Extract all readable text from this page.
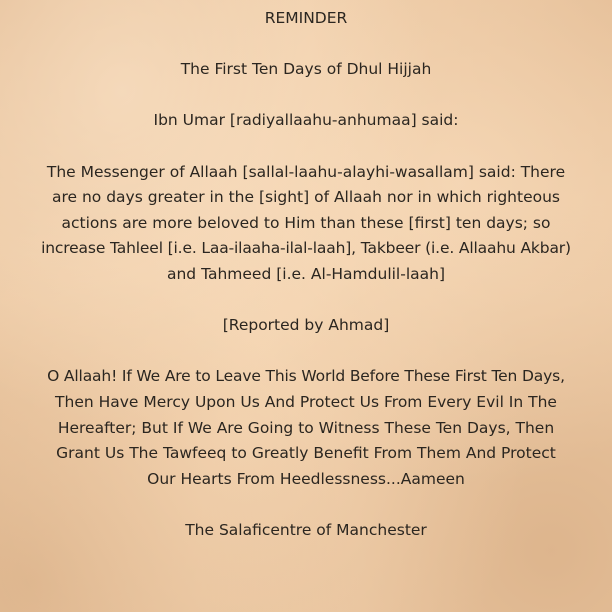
REMINDER

The First Ten Days of Dhul Hijjah

Ibn Umar [radiyallaahu-anhumaa] said:

The Messenger of Allaah [sallal-laahu-alayhi-wasallam] said: There

are no days greater in the [sight] of Allaah nor in which righteous

actions are more beloved to Him than these [first] ten days; so

increase Tahleel [i.e. Laa-ilaaha-ilal-laah], Takbeer (i.e. Allaahu Akbar)

and Tahmeed [i.e. Al-Hamdulil-laah]

[Reported by Ahmad]

O Allaah! If We Are to Leave This World Before These First Ten Days,

Then Have Mercy Upon Us And Protect Us From Every Evil In The

Hereafter; But If We Are Going to Witness These Ten Days, Then

Grant Us The Tawfeeq to Greatly Benefit From Them And Protect

Our Hearts From Heedlessness...Aameen

The Salaficentre of Manchester
